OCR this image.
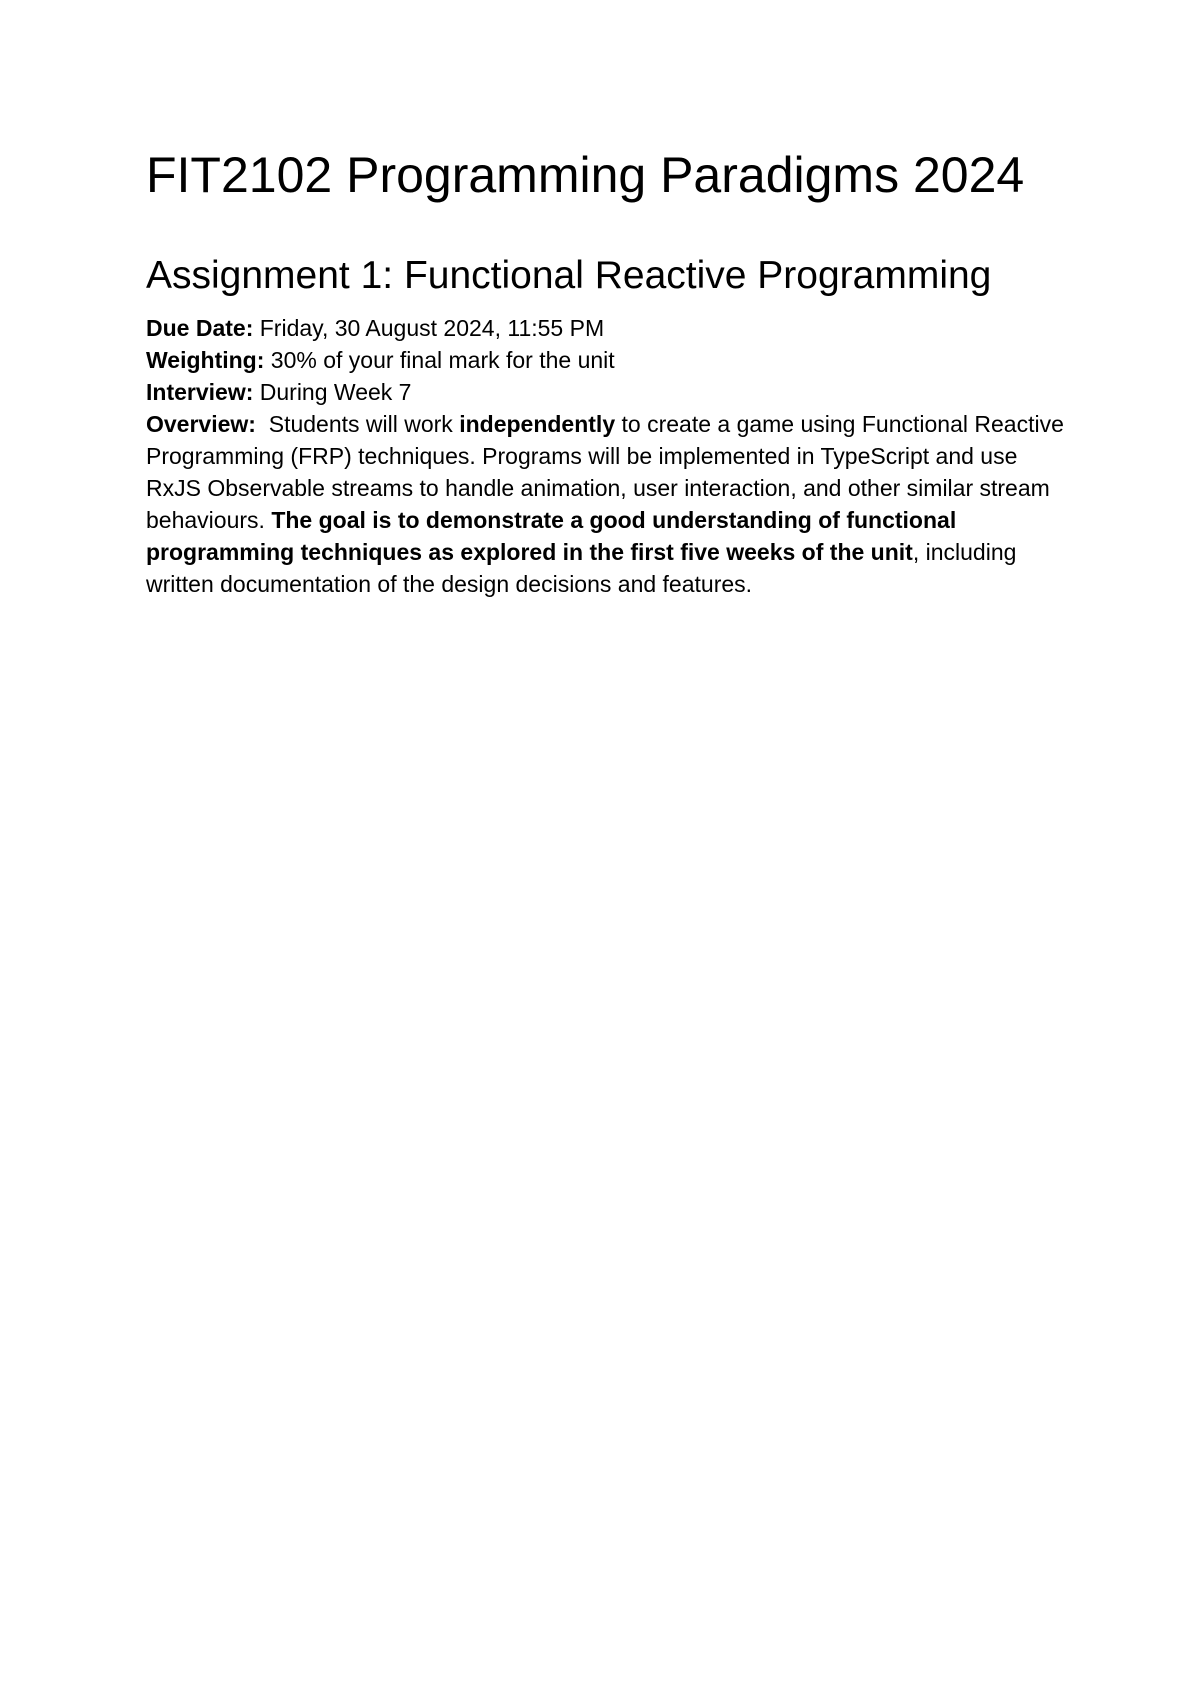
FIT2102 Programming Paradigms 2024
Assignment 1: Functional Reactive Programming

Due Date: Friday, 30 August 2024, 11:55 PM

Weighting: 30% of your final mark for the unit

Interview: During Week 7

Overview: Students will work independently to create a game using Functional Reactive Programming (FRP) techniques. Programs will be implemented in TypeScript and use RxJS Observable streams to handle animation, user interaction, and other similar stream behaviours. The goal is to demonstrate a good understanding of functional programming techniques as explored in the first five weeks of the unit, including written documentation of the design decisions and features.
